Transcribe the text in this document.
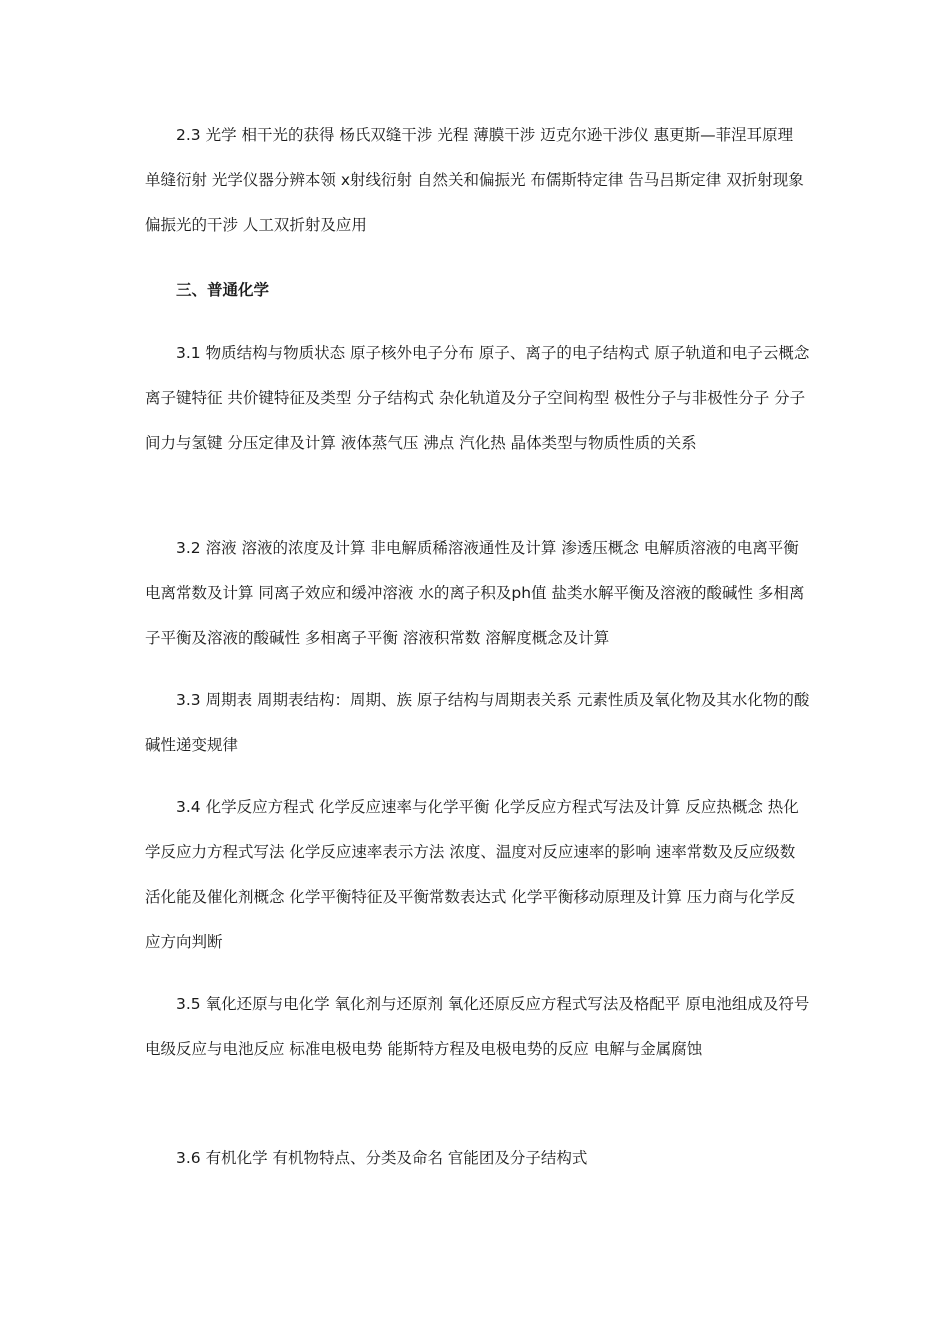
2.3 光学 相干光的获得 杨氏双缝干涉 光程 薄膜干涉 迈克尔逊干涉仪 惠更斯—菲涅耳原理 单缝衍射 光学仪器分辨本领 x射线衍射 自然关和偏振光 布儒斯特定律 告马吕斯定律 双折射现象 偏振光的干涉 人工双折射及应用

三、普通化学

3.1 物质结构与物质状态 原子核外电子分布 原子、离子的电子结构式 原子轨道和电子云概念 离子键特征 共价键特征及类型 分子结构式 杂化轨道及分子空间构型 极性分子与非极性分子 分子间力与氢键 分压定律及计算 液体蒸气压 沸点 汽化热 晶体类型与物质性质的关系

3.2 溶液 溶液的浓度及计算 非电解质稀溶液通性及计算 渗透压概念 电解质溶液的电离平衡 电离常数及计算 同离子效应和缓冲溶液 水的离子积及ph值 盐类水解平衡及溶液的酸碱性 多相离子平衡及溶液的酸碱性 多相离子平衡 溶液积常数 溶解度概念及计算

3.3 周期表 周期表结构：周期、族 原子结构与周期表关系 元素性质及氧化物及其水化物的酸碱性递变规律

3.4 化学反应方程式 化学反应速率与化学平衡 化学反应方程式写法及计算 反应热概念 热化学反应力方程式写法 化学反应速率表示方法 浓度、温度对反应速率的影响 速率常数及反应级数 活化能及催化剂概念 化学平衡特征及平衡常数表达式 化学平衡移动原理及计算 压力商与化学反应方向判断

3.5 氧化还原与电化学 氧化剂与还原剂 氧化还原反应方程式写法及格配平 原电池组成及符号 电级反应与电池反应 标准电极电势 能斯特方程及电极电势的反应 电解与金属腐蚀

3.6 有机化学 有机物特点、分类及命名 官能团及分子结构式
